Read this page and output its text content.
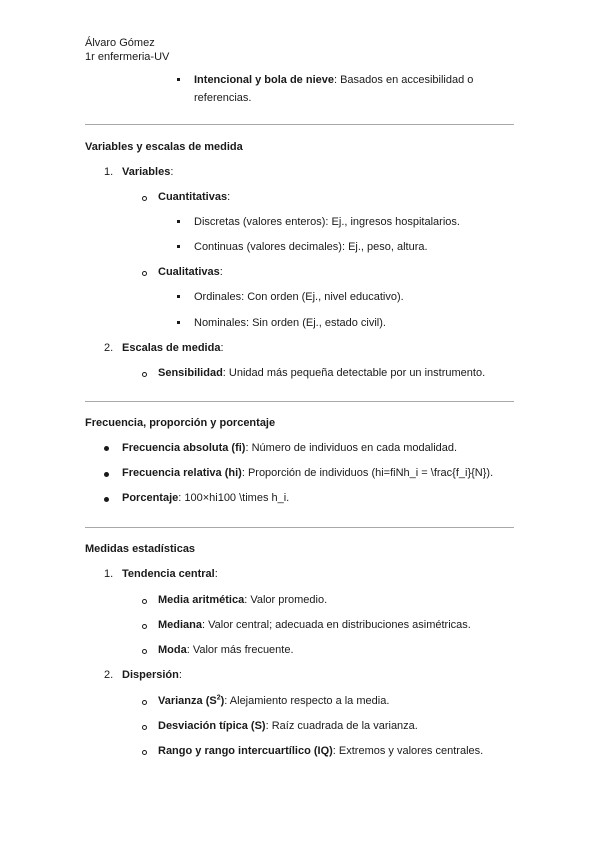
Álvaro Gómez
1r enfermeria-UV
Intencional y bola de nieve: Basados en accesibilidad o
referencias.
Variables y escalas de medida
1. Variables:
Cuantitativas:
Discretas (valores enteros): Ej., ingresos hospitalarios.
Continuas (valores decimales): Ej., peso, altura.
Cualitativas:
Ordinales: Con orden (Ej., nivel educativo).
Nominales: Sin orden (Ej., estado civil).
2. Escalas de medida:
Sensibilidad: Unidad más pequeña detectable por un instrumento.
Frecuencia, proporción y porcentaje
Frecuencia absoluta (fi): Número de individuos en cada modalidad.
Frecuencia relativa (hi): Proporción de individuos (hi=fiNh_i = \frac{f_i}{N}).
Porcentaje: 100×hi100 \times h_i.
Medidas estadísticas
1. Tendencia central:
Media aritmética: Valor promedio.
Mediana: Valor central; adecuada en distribuciones asimétricas.
Moda: Valor más frecuente.
2. Dispersión:
Varianza $(S^2)$: Alejamiento respecto a la media.
Desviación típica (S): Raíz cuadrada de la varianza.
Rango y rango intercuartílico (IQ): Extremos y valores centrales.
